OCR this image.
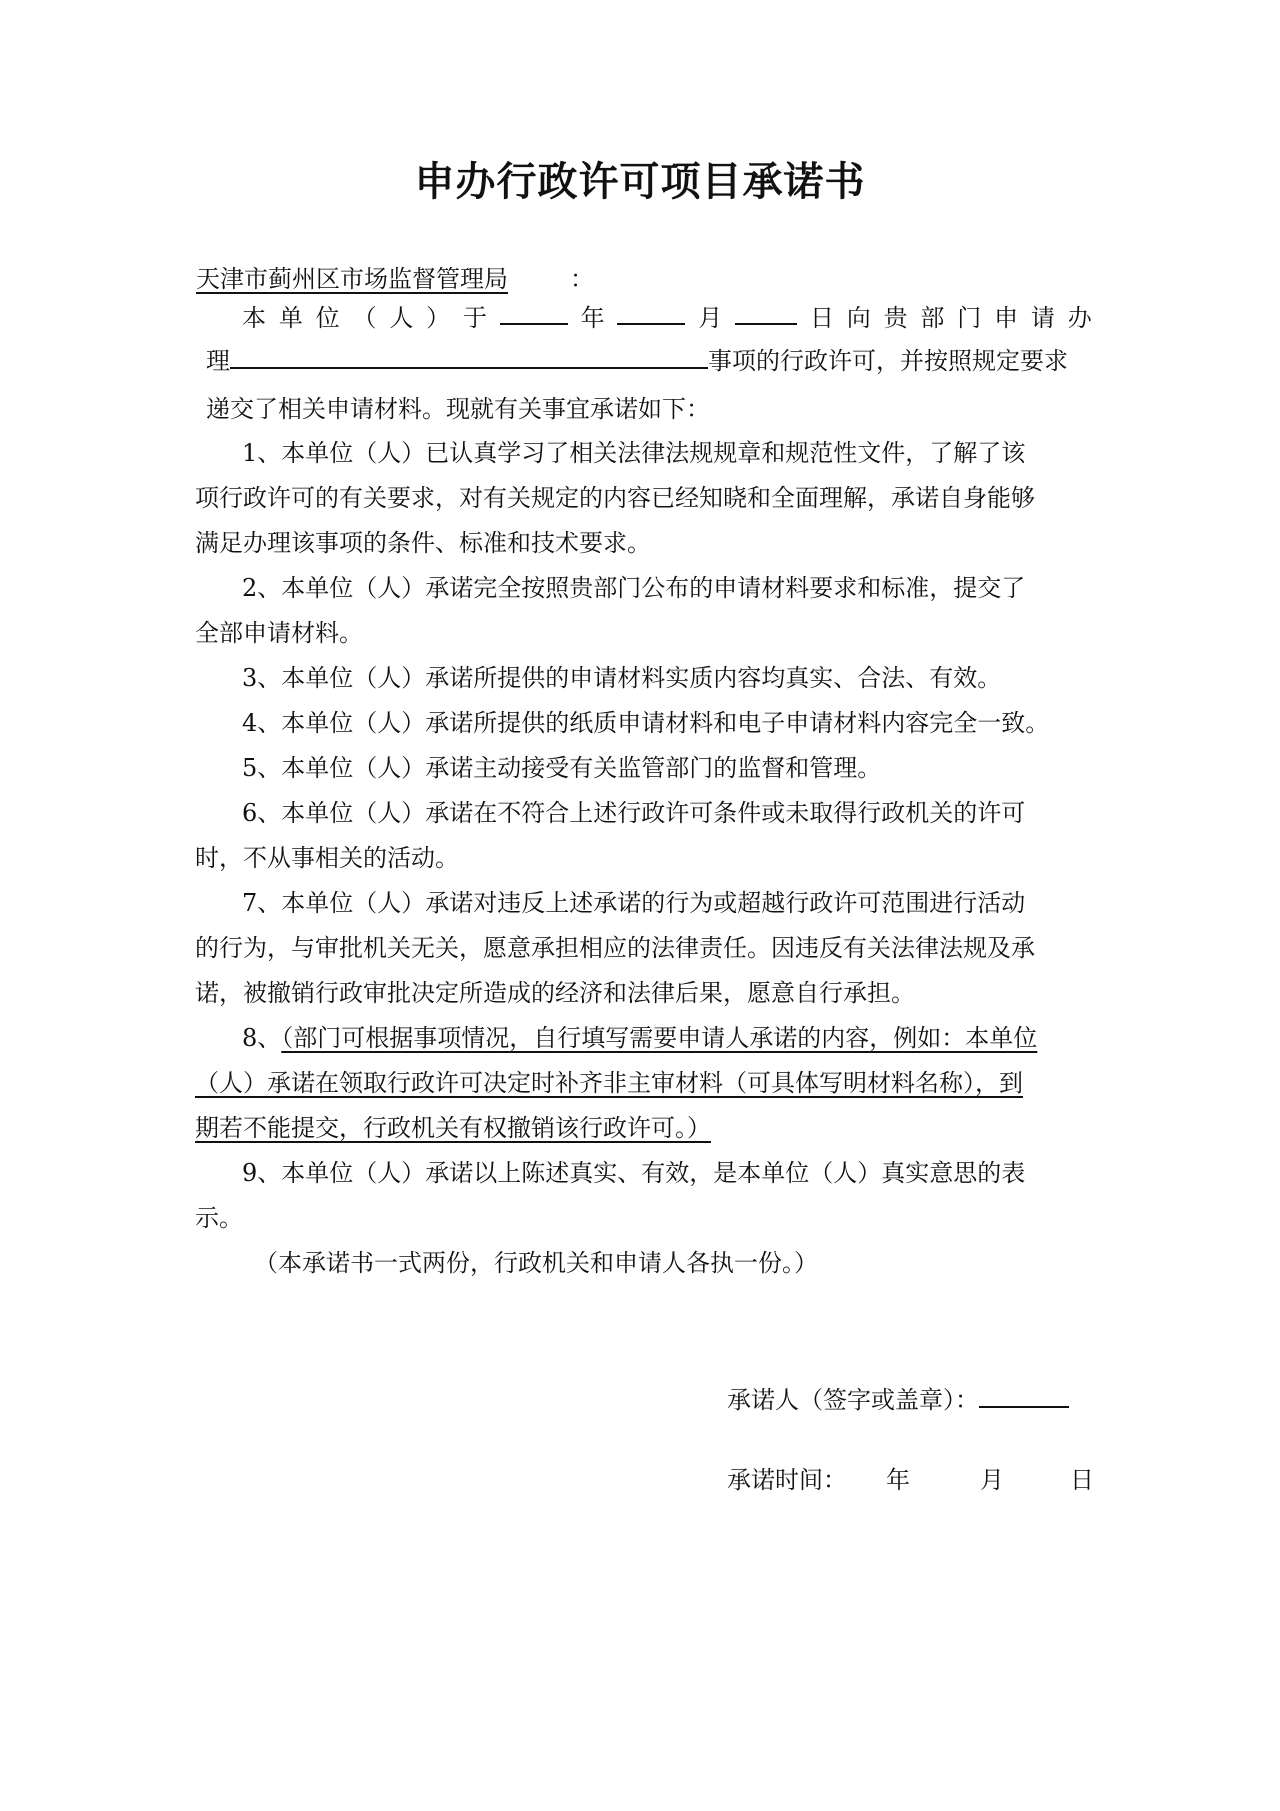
申办行政许可项目承诺书
天津市蓟州区市场监督管理局	：
本 单 位 （ 人 ） 于	年	月	日 向 贵 部 门 申 请 办
理	事项的行政许可，并按照规定要求
递交了相关申请材料。现就有关事宜承诺如下：
1、本单位（人）已认真学习了相关法律法规规章和规范性文件，了解了该
项行政许可的有关要求，对有关规定的内容已经知晓和全面理解，承诺自身能够
满足办理该事项的条件、标准和技术要求。
2、本单位（人）承诺完全按照贵部门公布的申请材料要求和标准，提交了
全部申请材料。
3、本单位（人）承诺所提供的申请材料实质内容均真实、合法、有效。
4、本单位（人）承诺所提供的纸质申请材料和电子申请材料内容完全一致。
5、本单位（人）承诺主动接受有关监管部门的监督和管理。
6、本单位（人）承诺在不符合上述行政许可条件或未取得行政机关的许可
时，不从事相关的活动。
7、本单位（人）承诺对违反上述承诺的行为或超越行政许可范围进行活动
的行为，与审批机关无关，愿意承担相应的法律责任。因违反有关法律法规及承
诺，被撤销行政审批决定所造成的经济和法律后果，愿意自行承担。
8、（部门可根据事项情况，自行填写需要申请人承诺的内容，例如：本单位
（人）承诺在领取行政许可决定时补齐非主审材料（可具体写明材料名称），到
期若不能提交，行政机关有权撤销该行政许可。）
9、本单位（人）承诺以上陈述真实、有效，是本单位（人）真实意思的表
示。
（本承诺书一式两份，行政机关和申请人各执一份。）
承诺人（签字或盖章）：
承诺时间： 年	月	日
